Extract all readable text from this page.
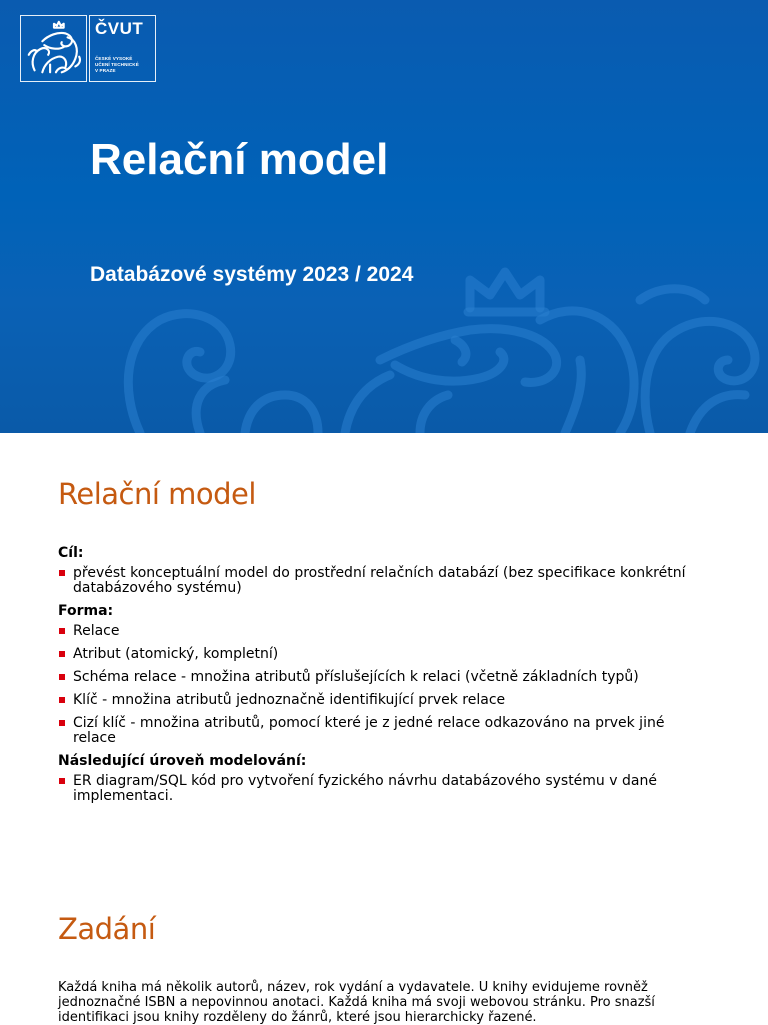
ČVUT
ČESKÉ VYSOKÉ
UČENÍ TECHNICKÉ
V PRAZE
Relační model
Databázové systémy 2023 / 2024
Relační model
Cíl:
převést konceptuální model do prostřední relačních databází (bez specifikace konkrétní databázového systému)
Forma:
Relace
Atribut (atomický, kompletní)
Schéma relace - množina atributů příslušejících k relaci (včetně základních typů)
Klíč - množina atributů jednoznačně identifikující prvek relace
Cizí klíč - množina atributů, pomocí které je z jedné relace odkazováno na prvek jiné relace
Následující úroveň modelování:
ER diagram/SQL kód pro vytvoření fyzického návrhu databázového systému v dané implementaci.
Zadání
Každá kniha má několik autorů, název, rok vydání a vydavatele. U knihy evidujeme rovněž jednoznačné ISBN a nepovinnou anotaci. Každá kniha má svoji webovou stránku. Pro snazší identifikaci jsou knihy rozděleny do žánrů, které jsou hierarchicky řazené.
